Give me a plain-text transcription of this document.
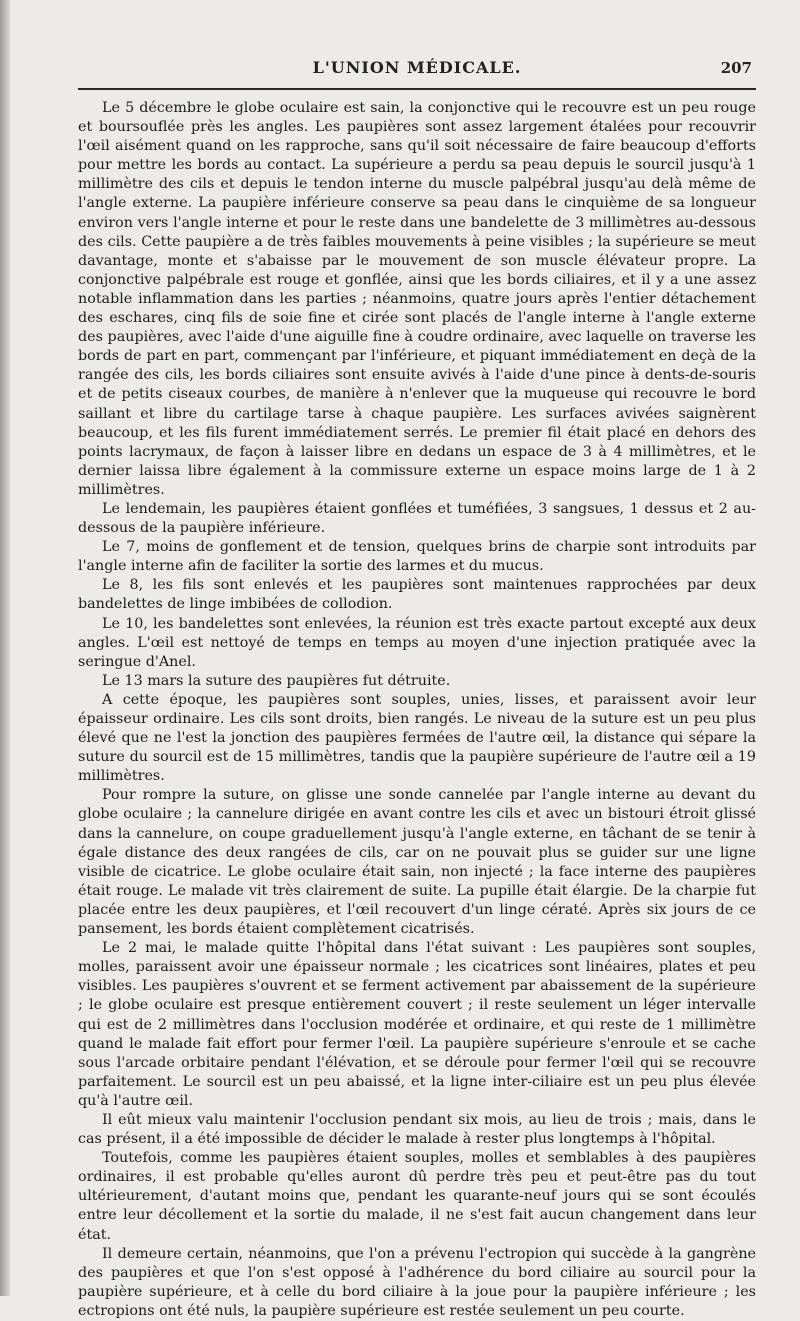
L'UNION MÉDICALE.	207

Le 5 décembre le globe oculaire est sain, la conjonctive qui le recouvre est un peu rouge et boursouflée près les angles. Les paupières sont assez largement étalées pour recouvrir l'œil aisément quand on les rapproche, sans qu'il soit nécessaire de faire beaucoup d'efforts pour mettre les bords au contact. La supérieure a perdu sa peau depuis le sourcil jusqu'à 1 millimètre des cils et depuis le tendon interne du muscle palpébral jusqu'au delà même de l'angle externe. La paupière inférieure conserve sa peau dans le cinquième de sa longueur environ vers l'angle interne et pour le reste dans une bandelette de 3 millimètres au-dessous des cils. Cette paupière a de très faibles mouvements à peine visibles ; la supérieure se meut davantage, monte et s'abaisse par le mouvement de son muscle élévateur propre. La conjonctive palpébrale est rouge et gonflée, ainsi que les bords ciliaires, et il y a une assez notable inflammation dans les parties ; néanmoins, quatre jours après l'entier détachement des eschares, cinq fils de soie fine et cirée sont placés de l'angle interne à l'angle externe des paupières, avec l'aide d'une aiguille fine à coudre ordinaire, avec laquelle on traverse les bords de part en part, commençant par l'inférieure, et piquant immédiatement en deçà de la rangée des cils, les bords ciliaires sont ensuite avivés à l'aide d'une pince à dents-de-souris et de petits ciseaux courbes, de manière à n'enlever que la muqueuse qui recouvre le bord saillant et libre du cartilage tarse à chaque paupière. Les surfaces avivées saignèrent beaucoup, et les fils furent immédiatement serrés. Le premier fil était placé en dehors des points lacrymaux, de façon à laisser libre en dedans un espace de 3 à 4 millimètres, et le dernier laissa libre également à la commissure externe un espace moins large de 1 à 2 millimètres.

Le lendemain, les paupières étaient gonflées et tuméfiées, 3 sangsues, 1 dessus et 2 au-dessous de la paupière inférieure.

Le 7, moins de gonflement et de tension, quelques brins de charpie sont introduits par l'angle interne afin de faciliter la sortie des larmes et du mucus.

Le 8, les fils sont enlevés et les paupières sont maintenues rapprochées par deux bandelettes de linge imbibées de collodion.

Le 10, les bandelettes sont enlevées, la réunion est très exacte partout excepté aux deux angles. L'œil est nettoyé de temps en temps au moyen d'une injection pratiquée avec la seringue d'Anel.

Le 13 mars la suture des paupières fut détruite.

A cette époque, les paupières sont souples, unies, lisses, et paraissent avoir leur épaisseur ordinaire. Les cils sont droits, bien rangés. Le niveau de la suture est un peu plus élevé que ne l'est la jonction des paupières fermées de l'autre œil, la distance qui sépare la suture du sourcil est de 15 millimètres, tandis que la paupière supérieure de l'autre œil a 19 millimètres.

Pour rompre la suture, on glisse une sonde cannelée par l'angle interne au devant du globe oculaire ; la cannelure dirigée en avant contre les cils et avec un bistouri étroit glissé dans la cannelure, on coupe graduellement jusqu'à l'angle externe, en tâchant de se tenir à égale distance des deux rangées de cils, car on ne pouvait plus se guider sur une ligne visible de cicatrice. Le globe oculaire était sain, non injecté ; la face interne des paupières était rouge. Le malade vit très clairement de suite. La pupille était élargie. De la charpie fut placée entre les deux paupières, et l'œil recouvert d'un linge cératé. Après six jours de ce pansement, les bords étaient complètement cicatrisés.

Le 2 mai, le malade quitte l'hôpital dans l'état suivant : Les paupières sont souples, molles, paraissent avoir une épaisseur normale ; les cicatrices sont linéaires, plates et peu visibles. Les paupières s'ouvrent et se ferment activement par abaissement de la supérieure ; le globe oculaire est presque entièrement couvert ; il reste seulement un léger intervalle qui est de 2 millimètres dans l'occlusion modérée et ordinaire, et qui reste de 1 millimètre quand le malade fait effort pour fermer l'œil. La paupière supérieure s'enroule et se cache sous l'arcade orbitaire pendant l'élévation, et se déroule pour fermer l'œil qui se recouvre parfaitement. Le sourcil est un peu abaissé, et la ligne inter-ciliaire est un peu plus élevée qu'à l'autre œil.

Il eût mieux valu maintenir l'occlusion pendant six mois, au lieu de trois ; mais, dans le cas présent, il a été impossible de décider le malade à rester plus longtemps à l'hôpital.

Toutefois, comme les paupières étaient souples, molles et semblables à des paupières ordinaires, il est probable qu'elles auront dû perdre très peu et peut-être pas du tout ultérieurement, d'autant moins que, pendant les quarante-neuf jours qui se sont écoulés entre leur décollement et la sortie du malade, il ne s'est fait aucun changement dans leur état.

Il demeure certain, néanmoins, que l'on a prévenu l'ectropion qui succède à la gangrène des paupières et que l'on s'est opposé à l'adhérence du bord ciliaire au sourcil pour la paupière supérieure, et à celle du bord ciliaire à la joue pour la paupière inférieure ; les ectropions ont été nuls, la paupière supérieure est restée seulement un peu courte.
